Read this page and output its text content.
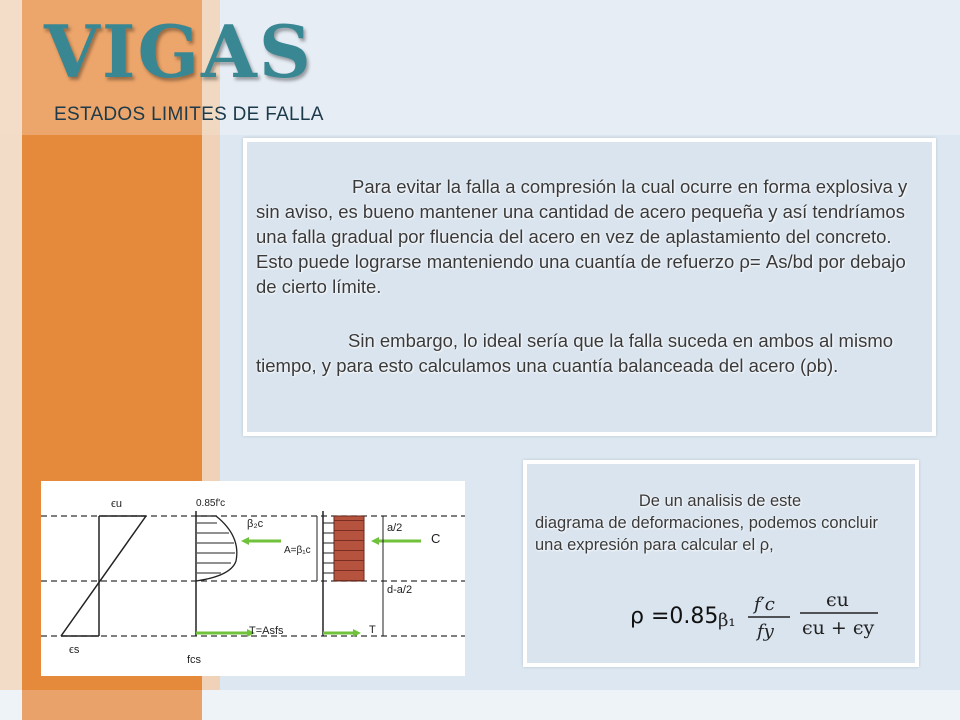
VIGAS
ESTADOS LIMITES DE FALLA
Para evitar la falla a compresión la cual ocurre en forma explosiva y sin aviso, es bueno mantener una cantidad de acero pequeña y así tendríamos una falla gradual por fluencia del acero en vez de aplastamiento del concreto. Esto puede lograrse manteniendo una cuantía de refuerzo ρ= As/bd por debajo de cierto límite.
Sin embargo, lo ideal sería que la falla suceda en ambos al mismo tiempo, y para esto calculamos una cuantía balanceada del acero (ρb).
De un analisis de este
diagrama de deformaciones, podemos concluir una expresión para calcular el ρ,
ρ =0.85 β₁
f′c
fy
ϵu
ϵu + ϵy
ϵu
ϵs
0.85f'c
β₂c
T=Asfs
fcs
A=β₁c
C
T
a/2
d-a/2
